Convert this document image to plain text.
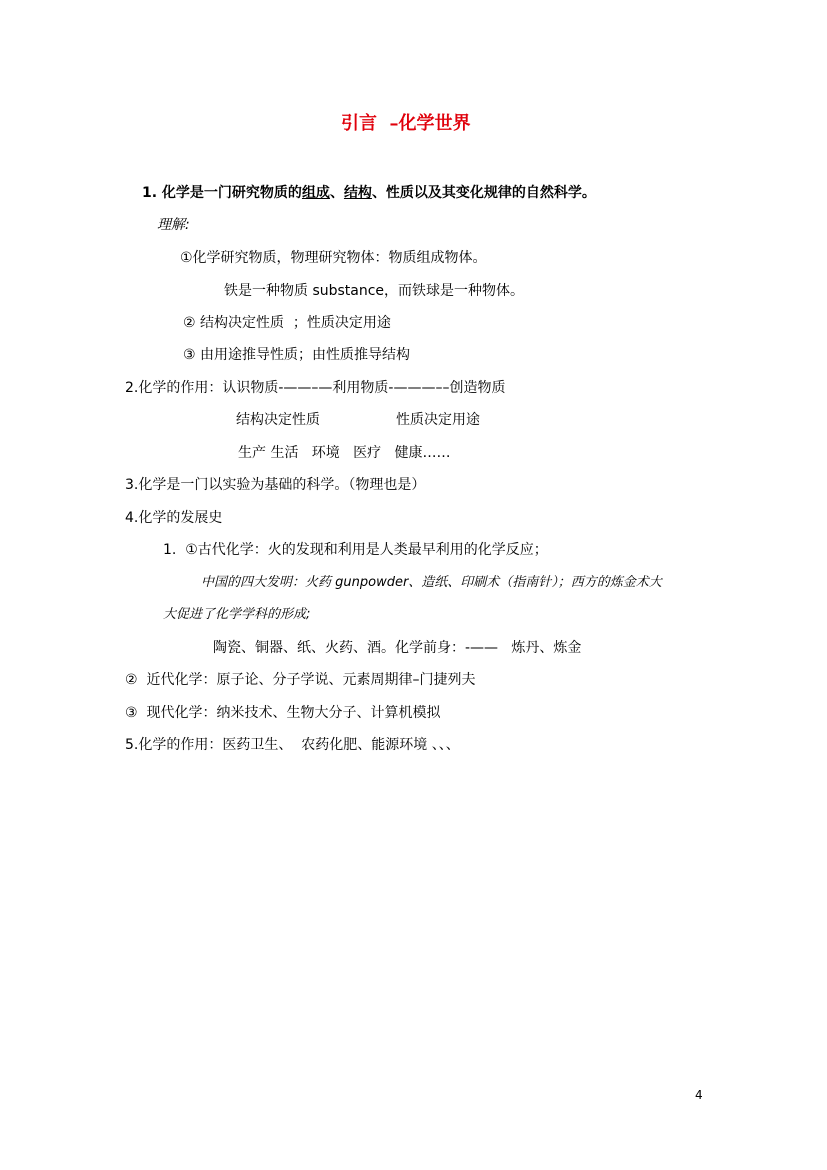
引言  –化学世界
1. 化学是一门研究物质的组成、结构、性质以及其变化规律的自然科学。
理解:
①化学研究物质，物理研究物体：物质组成物体。
铁是一种物质 substance，而铁球是一种物体。
② 结构决定性质  ；性质决定用途
③ 由用途推导性质；由性质推导结构
2.化学的作用：认识物质-——–—利用物质-———––创造物质
结构决定性质	性质决定用途
生产 生活   环境   医疗   健康……
3.化学是一门以实验为基础的科学。（物理也是）
4.化学的发展史
1.  ①古代化学：火的发现和利用是人类最早利用的化学反应；
中国的四大发明：火药 gunpowder、造纸、印刷术（指南针）；西方的炼金术大
大促进了化学学科的形成;
陶瓷、铜器、纸、火药、酒。化学前身：-——   炼丹、炼金
②  近代化学：原子论、分子学说、元素周期律–门捷列夫
③  现代化学：纳米技术、生物大分子、计算机模拟
5.化学的作用：医药卫生、  农药化肥、能源环境 、、、
4
